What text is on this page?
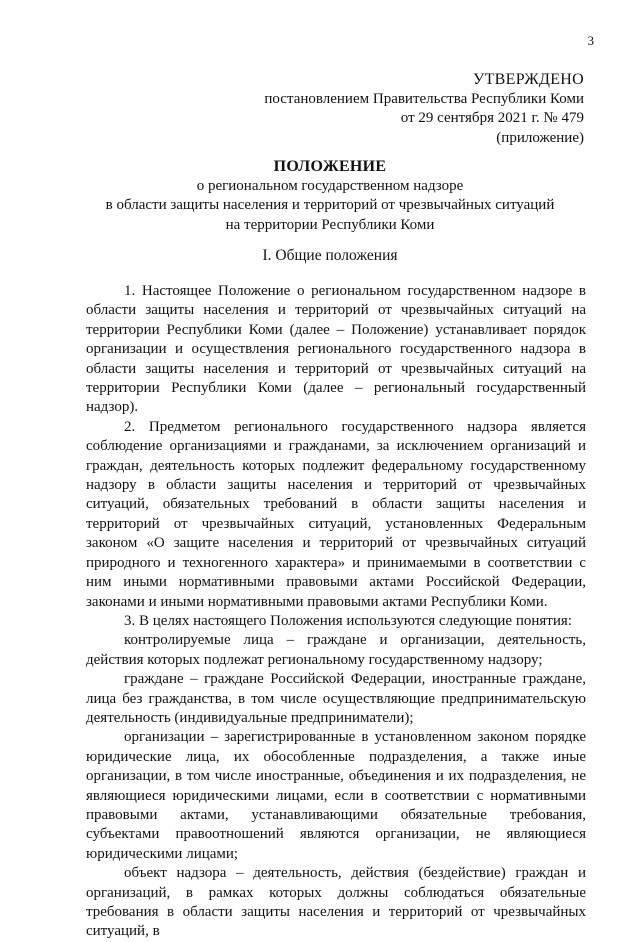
3
УТВЕРЖДЕНО
постановлением Правительства Республики Коми
от 29 сентября 2021 г. № 479
(приложение)
ПОЛОЖЕНИЕ
о региональном государственном надзоре
в области защиты населения и территорий от чрезвычайных ситуаций
на территории Республики Коми
I. Общие положения

1. Настоящее Положение о региональном государственном надзоре в области защиты населения и территорий от чрезвычайных ситуаций на территории Республики Коми (далее – Положение) устанавливает порядок организации и осуществления регионального государственного надзора в области защиты населения и территорий от чрезвычайных ситуаций на территории Республики Коми (далее – региональный государственный надзор).

2. Предметом регионального государственного надзора является соблюдение организациями и гражданами, за исключением организаций и граждан, деятельность которых подлежит федеральному государственному надзору в области защиты населения и территорий от чрезвычайных ситуаций, обязательных требований в области защиты населения и территорий от чрезвычайных ситуаций, установленных Федеральным законом «О защите населения и территорий от чрезвычайных ситуаций природного и техногенного характера» и принимаемыми в соответствии с ним иными нормативными правовыми актами Российской Федерации, законами и иными нормативными правовыми актами Республики Коми.

3. В целях настоящего Положения используются следующие понятия:

контролируемые лица – граждане и организации, деятельность, действия которых подлежат региональному государственному надзору;

граждане – граждане Российской Федерации, иностранные граждане, лица без гражданства, в том числе осуществляющие предпринимательскую деятельность (индивидуальные предприниматели);

организации – зарегистрированные в установленном законом порядке юридические лица, их обособленные подразделения, а также иные организации, в том числе иностранные, объединения и их подразделения, не являющиеся юридическими лицами, если в соответствии с нормативными правовыми актами, устанавливающими обязательные требования, субъектами правоотношений являются организации, не являющиеся юридическими лицами;

объект надзора – деятельность, действия (бездействие) граждан и организаций, в рамках которых должны соблюдаться обязательные требования в области защиты населения и территорий от чрезвычайных ситуаций, в
